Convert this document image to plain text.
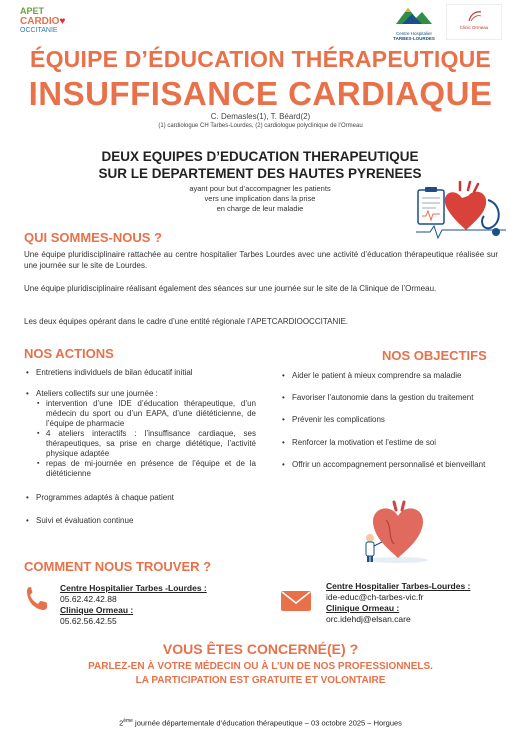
APET
CARDIO♥
OCCITANIE	Centre Hospitalier
TARBES-LOURDES
Clinic Ormeau
ÉQUIPE D’ÉDUCATION THÉRAPEUTIQUE
INSUFFISANCE CARDIAQUE
C. Demasles(1), T. Béard(2)
(1) cardiologue CH Tarbes-Lourdes, (2) cardiologue polyclinique de l’Ormeau
DEUX EQUIPES D’EDUCATION THERAPEUTIQUE
SUR LE DEPARTEMENT DES HAUTES PYRENEES
ayant pour but d’accompagner les patients
vers une implication dans la prise
en charge de leur maladie
QUI SOMMES-NOUS ?
Une équipe pluridisciplinaire rattachée au centre hospitalier Tarbes Lourdes avec une activité d’éducation thérapeutique réalisée sur une journée sur le site de Lourdes.
Une équipe pluridisciplinaire réalisant également des séances sur une journée sur le site de la Clinique de l’Ormeau.
Les deux équipes opérant dans le cadre d’une entité régionale l’APETCARDIOOCCITANIE.
NOS ACTIONS
• Entretiens individuels de bilan éducatif initial
• Ateliers collectifs sur une journée :
▪ intervention d’une IDE d’éducation thérapeutique, d’un médecin du sport ou d’un EAPA, d’une diététicienne, de l’équipe de pharmacie
▪ 4 ateliers interactifs : l’insuffisance cardiaque, ses thérapeutiques, sa prise en charge diététique, l’activité physique adaptée
▪ repas de mi-journée en présence de l’équipe et de la diététicienne
• Programmes adaptés à chaque patient
• Suivi et évaluation continue
NOS OBJECTIFS
• Aider le patient à mieux comprendre sa maladie
• Favoriser l’autonomie dans la gestion du traitement
• Prévenir les complications
• Renforcer la motivation et l’estime de soi
• Offrir un accompagnement personnalisé et bienveillant
COMMENT NOUS TROUVER ?
Centre Hospitalier Tarbes -Lourdes :
05.62.42.42.88
Clinique Ormeau :
05.62.56.42.55
Centre Hospitalier Tarbes-Lourdes :
ide-educ@ch-tarbes-vic.fr
Clinique Ormeau :
orc.idehdj@elsan.care
VOUS ÊTES CONCERNÉ(E) ?
PARLEZ-EN À VOTRE MÉDECIN OU À L’UN DE NOS PROFESSIONNELS.
LA PARTICIPATION EST GRATUITE ET VOLONTAIRE
2ème journée départementale d’éducation thérapeutique – 03 octobre 2025 – Horgues
